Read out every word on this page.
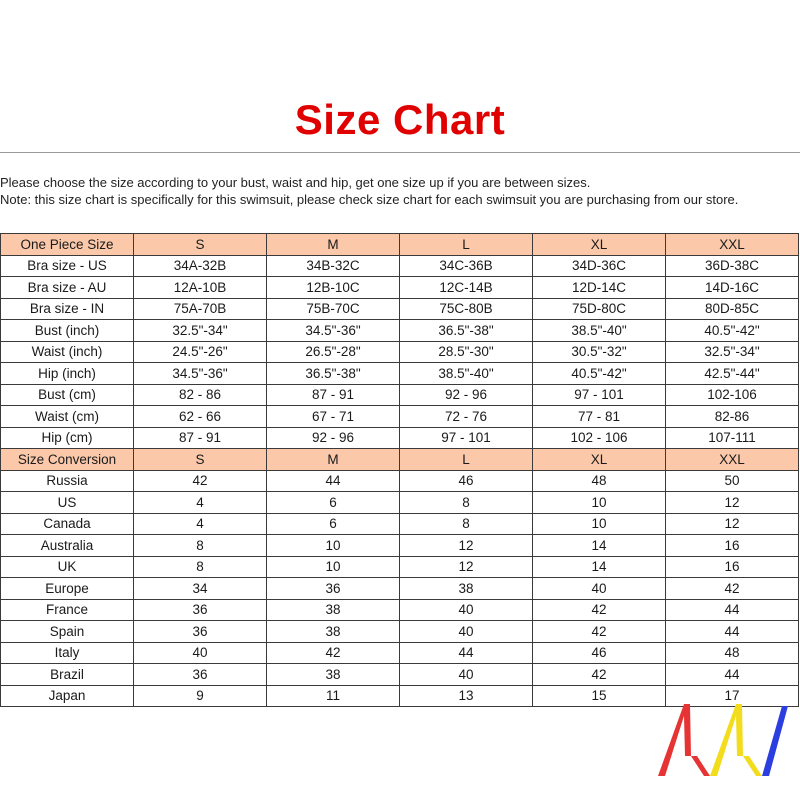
Size Chart
Please choose the size according to your bust, waist and hip, get one size up if you are between sizes.
Note: this size chart is specifically for this swimsuit, please check size chart for each swimsuit you are purchasing from our store.
One Piece Size	S	M	L	XL	XXL
Bra size - US	34A-32B	34B-32C	34C-36B	34D-36C	36D-38C
Bra size - AU	12A-10B	12B-10C	12C-14B	12D-14C	14D-16C
Bra size - IN	75A-70B	75B-70C	75C-80B	75D-80C	80D-85C
Bust (inch)	32.5"-34"	34.5"-36"	36.5"-38"	38.5"-40"	40.5"-42"
Waist (inch)	24.5"-26"	26.5"-28"	28.5"-30"	30.5"-32"	32.5"-34"
Hip (inch)	34.5"-36"	36.5"-38"	38.5"-40"	40.5"-42"	42.5"-44"
Bust (cm)	82 - 86	87 - 91	92 - 96	97 - 101	102-106
Waist (cm)	62 - 66	67 - 71	72 - 76	77 - 81	82-86
Hip (cm)	87 - 91	92 - 96	97 - 101	102 - 106	107-111
Size Conversion	S	M	L	XL	XXL
Russia	42	44	46	48	50
US	4	6	8	10	12
Canada	4	6	8	10	12
Australia	8	10	12	14	16
UK	8	10	12	14	16
Europe	34	36	38	40	42
France	36	38	40	42	44
Spain	36	38	40	42	44
Italy	40	42	44	46	48
Brazil	36	38	40	42	44
Japan	9	11	13	15	17
